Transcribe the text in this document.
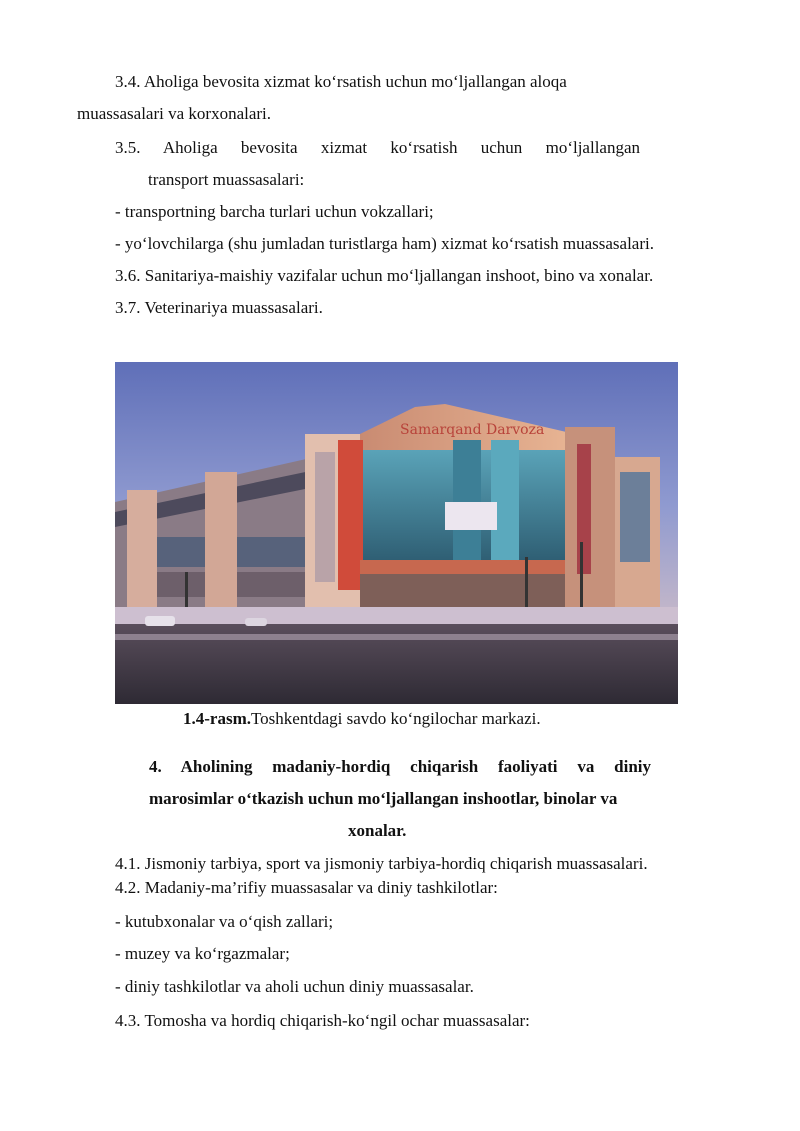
3.4. Aholiga bevosita xizmat ko‘rsatish uchun mo‘ljallangan aloqa
muassasalari va korxonalari.
3.5. Aholiga bevosita xizmat ko‘rsatish uchun mo‘ljallangan
transport muassasalari:
- transportning barcha turlari uchun vokzallari;
- yo‘lovchilarga (shu jumladan turistlarga ham) xizmat ko‘rsatish muassasalari.
3.6. Sanitariya-maishiy vazifalar uchun mo‘ljallangan inshoot, bino va xonalar.
3.7. Veterinariya muassasalari.
Samarqand Darvoza
1.4-rasm.Toshkentdagi savdo ko‘ngilochar markazi.
4. Aholining madaniy-hordiq chiqarish faoliyati va diniy
marosimlar o‘tkazish uchun mo‘ljallangan inshootlar, binolar va
xonalar.
4.1. Jismoniy tarbiya, sport va jismoniy tarbiya-hordiq chiqarish muassasalari.
4.2. Madaniy-ma’rifiy muassasalar va diniy tashkilotlar:
- kutubxonalar va o‘qish zallari;
- muzey va ko‘rgazmalar;
- diniy tashkilotlar va aholi uchun diniy muassasalar.
4.3. Tomosha va hordiq chiqarish-ko‘ngil ochar muassasalar:
